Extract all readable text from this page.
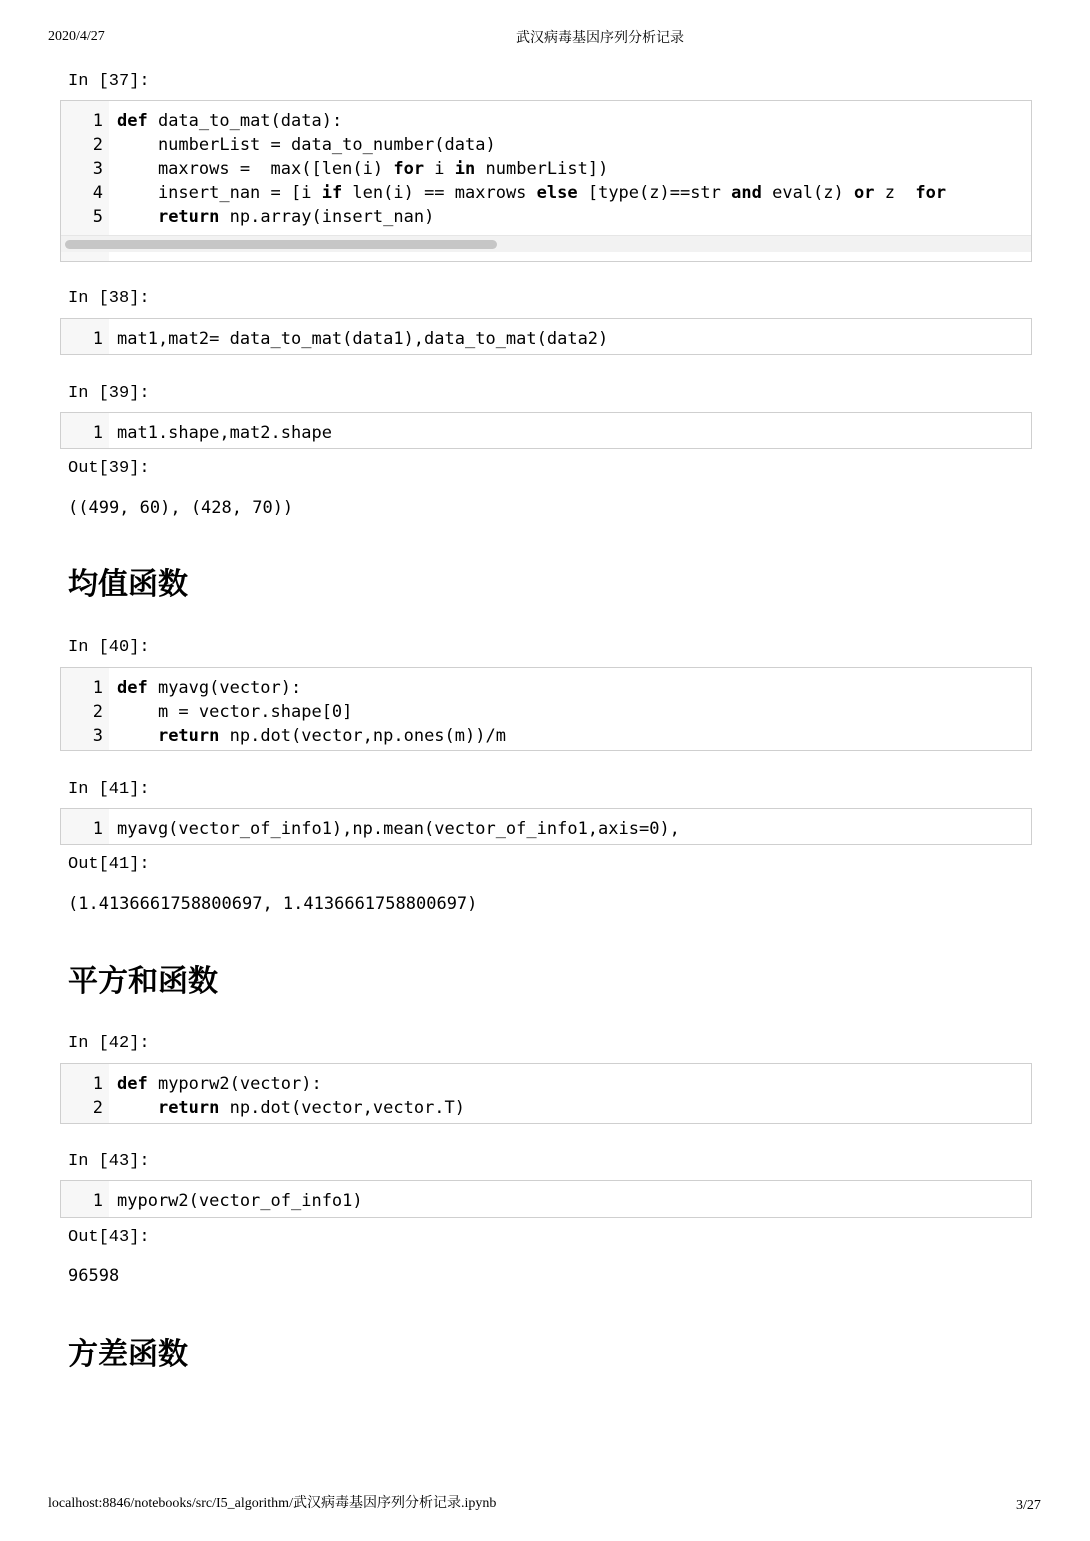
2020/4/27	武汉病毒基因序列分析记录
In [37]:
1
2
3
4
5
def data_to_mat(data):
numberList = data_to_number(data)
maxrows =  max([len(i) for i in numberList])
insert_nan = [i if len(i) == maxrows else [type(z)==str and eval(z) or z  for
return np.array(insert_nan)
In [38]:
1 mat1,mat2= data_to_mat(data1),data_to_mat(data2)
In [39]:
1 mat1.shape,mat2.shape
Out[39]:
((499, 60), (428, 70))
均值函数
In [40]:
1
2
3
def myavg(vector):
m = vector.shape[0]
return np.dot(vector,np.ones(m))/m
In [41]:
1 myavg(vector_of_info1),np.mean(vector_of_info1,axis=0),
Out[41]:
(1.4136661758800697, 1.4136661758800697)
平方和函数
In [42]:
1
2
def myporw2(vector):
return np.dot(vector,vector.T)
In [43]:
1 myporw2(vector_of_info1)
Out[43]:
96598
方差函数
localhost:8846/notebooks/src/I5_algorithm/武汉病毒基因序列分析记录.ipynb	3/27
